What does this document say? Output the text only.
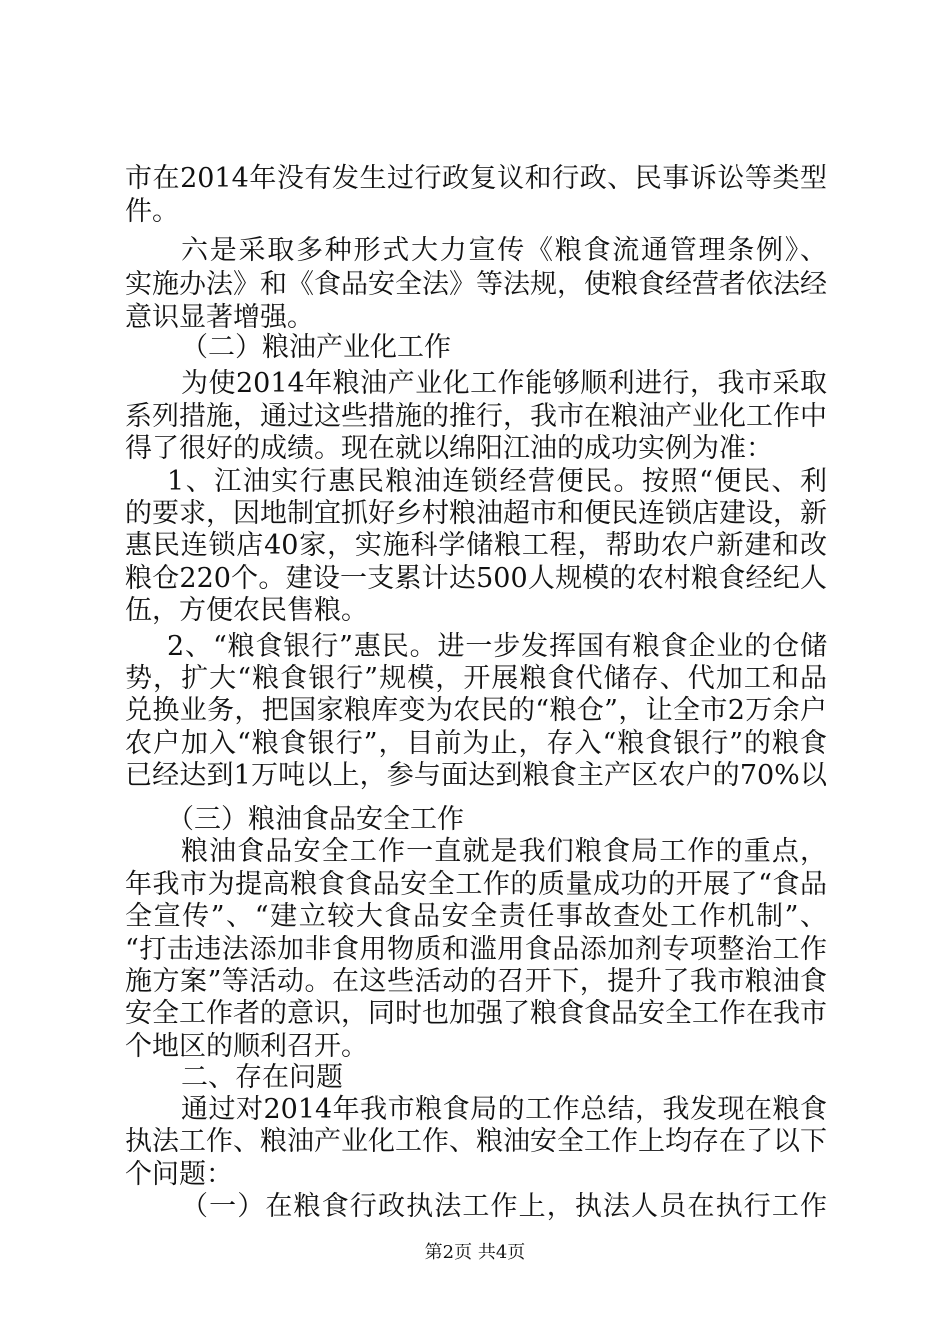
市在2014年没有发生过行政复议和行政、民事诉讼等类型
件。
六是采取多种形式大力宣传《粮食流通管理条例》、
实施办法》和《食品安全法》等法规，使粮食经营者依法经
意识显著增强。
（二）粮油产业化工作
为使2014年粮油产业化工作能够顺利进行，我市采取
系列措施，通过这些措施的推行，我市在粮油产业化工作中
得了很好的成绩。现在就以绵阳江油的成功实例为准：
1、江油实行惠民粮油连锁经营便民。按照“便民、利
的要求，因地制宜抓好乡村粮油超市和便民连锁店建设，新
惠民连锁店40家，实施科学储粮工程，帮助农户新建和改
粮仓220个。建设一支累计达500人规模的农村粮食经纪人
伍，方便农民售粮。
2、“粮食银行”惠民。进一步发挥国有粮食企业的仓储
势，扩大“粮食银行”规模，开展粮食代储存、代加工和品
兑换业务，把国家粮库变为农民的“粮仓”，让全市2万余户
农户加入“粮食银行”，目前为止，存入“粮食银行”的粮食
已经达到1万吨以上，参与面达到粮食主产区农户的70%以
（三）粮油食品安全工作
粮油食品安全工作一直就是我们粮食局工作的重点，
年我市为提高粮食食品安全工作的质量成功的开展了“食品
全宣传”、“建立较大食品安全责任事故查处工作机制”、
“打击违法添加非食用物质和滥用食品添加剂专项整治工作
施方案”等活动。在这些活动的召开下，提升了我市粮油食
安全工作者的意识，同时也加强了粮食食品安全工作在我市
个地区的顺利召开。
二、存在问题
通过对2014年我市粮食局的工作总结，我发现在粮食
执法工作、粮油产业化工作、粮油安全工作上均存在了以下
个问题：
（一）在粮食行政执法工作上，执法人员在执行工作
第2页 共4页
